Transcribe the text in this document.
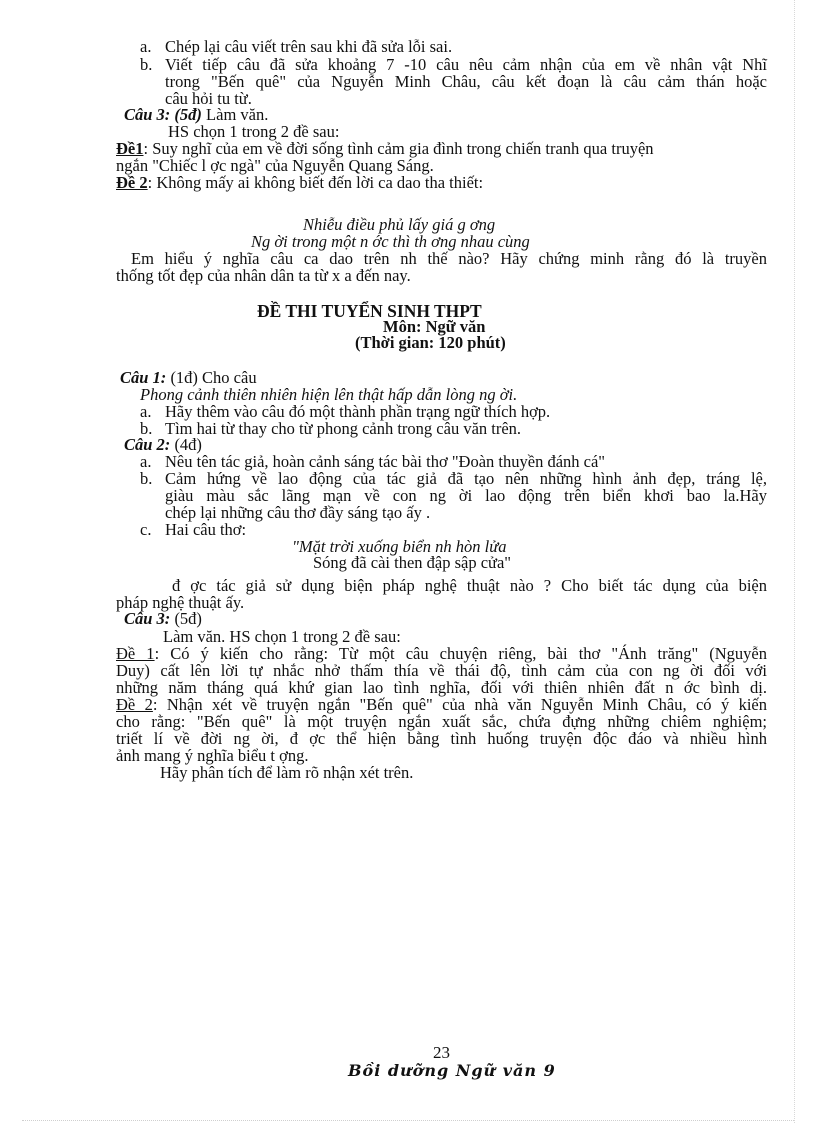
a. Chép lại câu viết trên sau khi đã sửa lỗi sai.
b. Viết tiếp câu đã sửa khoảng 7 -10 câu nêu cảm nhận của em về nhân vật Nhĩ
trong "Bến quê" của Nguyễn Minh Châu, câu kết đoạn là câu cảm thán hoặc
câu hỏi tu từ.
Câu 3: (5đ) Làm văn.
HS chọn 1 trong 2 đề sau:
Đề1: Suy nghĩ của em về đời sống tình cảm gia đình trong chiến tranh qua truyện
ngắn "Chiếc l ợc ngà" của Nguyễn Quang Sáng.
Đề 2: Không mấy ai không biết đến lời ca dao tha thiết:
Nhiễu điều phủ lấy giá g ơng
Ng ời trong một n ớc thì th ơng nhau cùng
Em hiểu ý nghĩa câu ca dao trên nh thế nào? Hãy chứng minh rằng đó là truyền
thống tốt đẹp của nhân dân ta từ x a đến nay.
ĐỀ THI TUYỂN SINH THPT
Môn: Ngữ văn
(Thời gian: 120 phút)
Câu 1: (1đ) Cho câu
Phong cảnh thiên nhiên hiện lên thật hấp dẫn lòng ng ời.
a. Hãy thêm vào câu đó một thành phần trạng ngữ thích hợp.
b. Tìm hai từ thay cho từ phong cảnh trong câu văn trên.
Câu 2: (4đ)
a. Nêu tên tác giả, hoàn cảnh sáng tác bài thơ "Đoàn thuyền đánh cá"
b. Cảm hứng về lao động của tác giả đã tạo nên những hình ảnh đẹp, tráng lệ,
giàu màu sắc lãng mạn về con ng ời lao động trên biển khơi bao la.Hãy
chép lại những câu thơ đầy sáng tạo ấy .
c. Hai câu thơ:
"Mặt trời xuống biển nh hòn lửa
Sóng đã cài then đập sập cửa"
đ ợc tác giả sử dụng biện pháp nghệ thuật nào ? Cho biết tác dụng của biện
pháp nghệ thuật ấy.
Câu 3: (5đ)
Làm văn. HS chọn 1 trong 2 đề sau:
Đề 1: Có ý kiến cho rằng: Từ một câu chuyện riêng, bài thơ "Ánh trăng" (Nguyễn
Duy) cất lên lời tự nhắc nhở thấm thía về thái độ, tình cảm của con ng ời đối với
những năm tháng quá khứ gian lao tình nghĩa, đối với thiên nhiên đất n ớc bình dị.
Đề 2: Nhận xét về truyện ngắn "Bến quê" của nhà văn Nguyễn Minh Châu, có ý kiến
cho rằng: "Bến quê" là một truyện ngắn xuất sắc, chứa đựng những chiêm nghiệm;
triết lí về đời ng ời, đ ợc thể hiện bằng tình huống truyện độc đáo và nhiều hình
ảnh mang ý nghĩa biểu t ợng.
Hãy phân tích để làm rõ nhận xét trên.
23
Bồi dưỡng Ngữ văn 9
